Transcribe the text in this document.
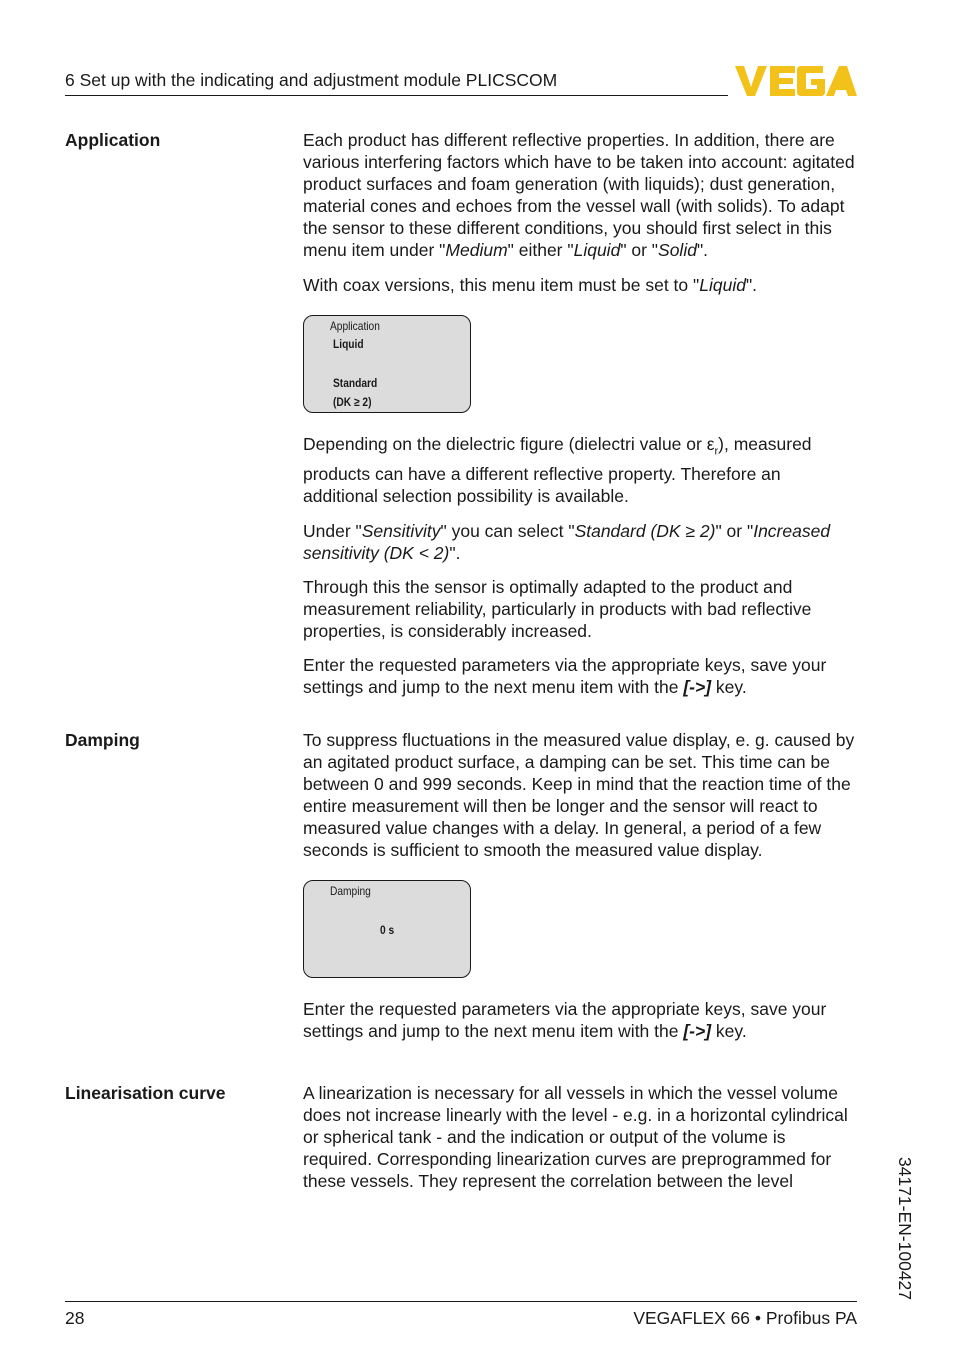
6 Set up with the indicating and adjustment module PLICSCOM
Application	Each product has different reflective properties. In addition, there are various interfering factors which have to be taken into account: agitated product surfaces and foam generation (with liquids); dust generation, material cones and echoes from the vessel wall (with solids). To adapt the sensor to these different conditions, you should first select in this menu item under "Medium" either "Liquid" or "Solid".

With coax versions, this menu item must be set to "Liquid".

Application
Liquid
Standard
(DK ≥ 2)

Depending on the dielectric figure (dielectri value or $\varepsilon_r$), measured products can have a different reflective property. Therefore an additional selection possibility is available.

Under "Sensitivity" you can select "Standard (DK ≥ 2)" or "Increased sensitivity (DK < 2)".

Through this the sensor is optimally adapted to the product and measurement reliability, particularly in products with bad reflective properties, is considerably increased.

Enter the requested parameters via the appropriate keys, save your settings and jump to the next menu item with the [->] key.

Damping	To suppress fluctuations in the measured value display, e. g. caused by an agitated product surface, a damping can be set. This time can be between 0 and 999 seconds. Keep in mind that the reaction time of the entire measurement will then be longer and the sensor will react to measured value changes with a delay. In general, a period of a few seconds is sufficient to smooth the measured value display.

Damping
0 s

Enter the requested parameters via the appropriate keys, save your settings and jump to the next menu item with the [->] key.

Linearisation curve	A linearization is necessary for all vessels in which the vessel volume does not increase linearly with the level - e.g. in a horizontal cylindrical or spherical tank - and the indication or output of the volume is required. Corresponding linearization curves are preprogrammed for these vessels. They represent the correlation between the level	34171-EN-100427
28	VEGAFLEX 66 • Profibus PA
